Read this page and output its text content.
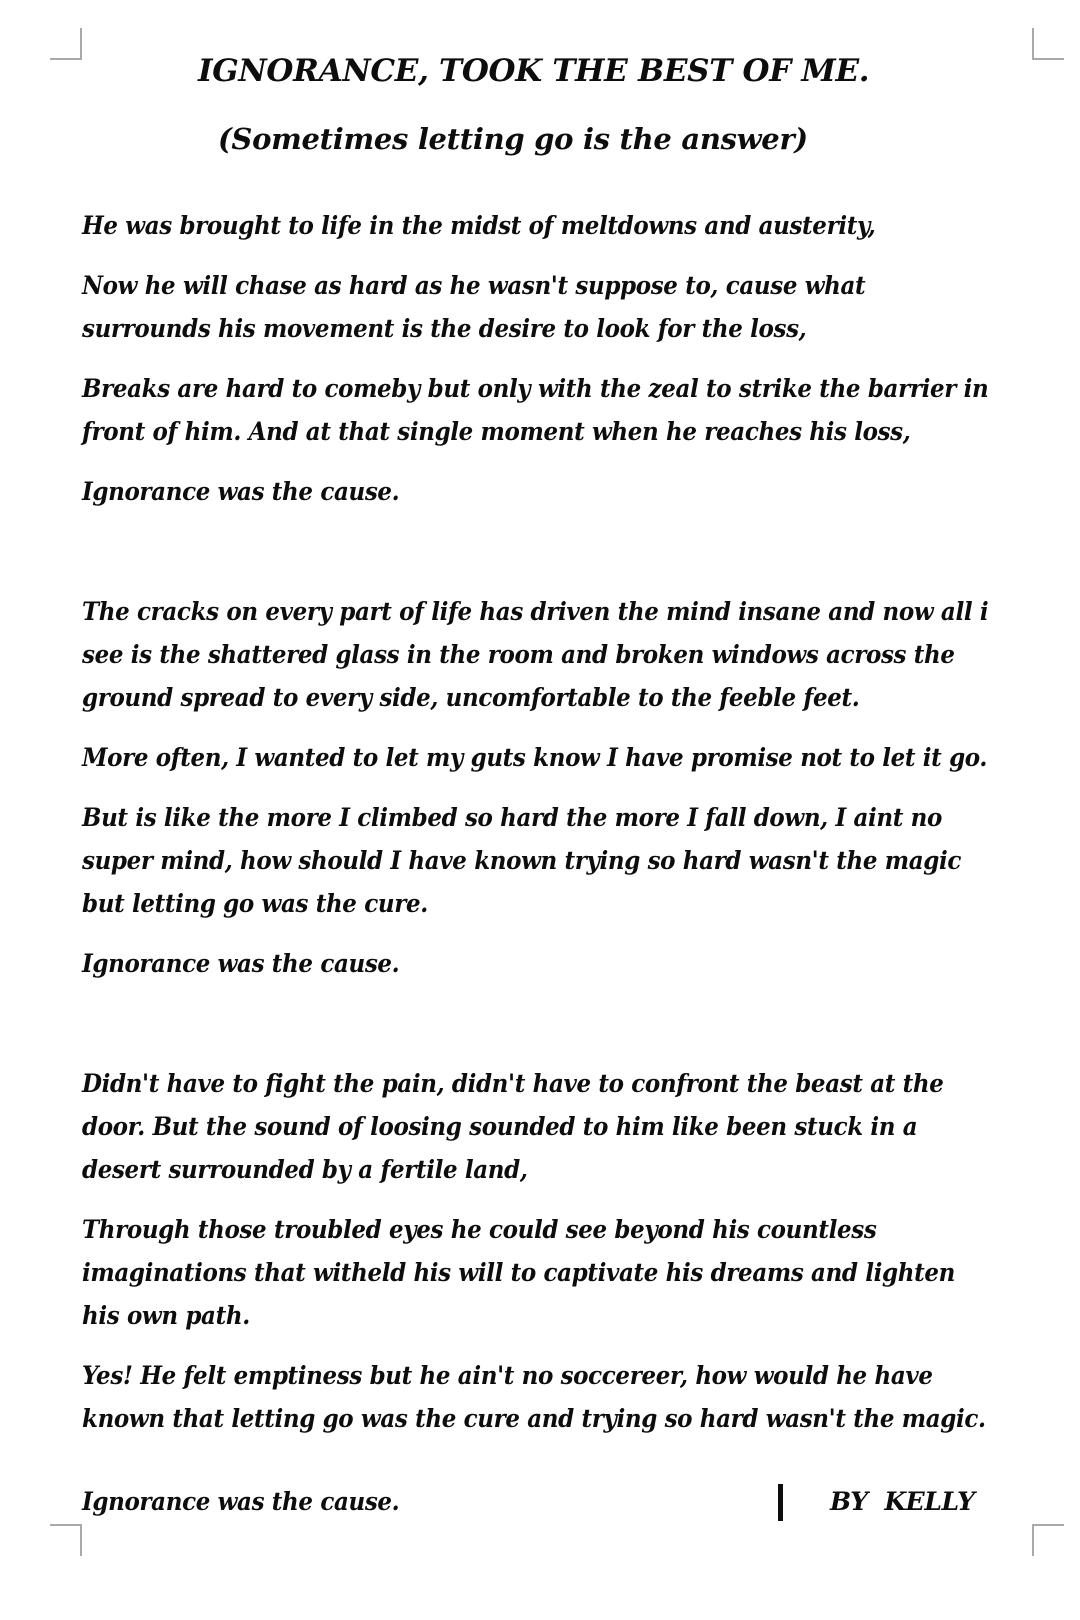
IGNORANCE, TOOK THE BEST OF ME.
(Sometimes letting go is the answer)

He was brought to life in the midst of meltdowns and austerity,

Now he will chase as hard as he wasn't suppose to, cause what surrounds his movement is the desire to look for the loss,

Breaks are hard to comeby but only with the zeal to strike the barrier in front of him. And at that single moment when he reaches his loss,

Ignorance was the cause.

The cracks on every part of life has driven the mind insane and now all i see is the shattered glass in the room and broken windows across the ground spread to every side, uncomfortable to the feeble feet.

More often, I wanted to let my guts know I have promise not to let it go.

But is like the more I climbed so hard the more I fall down, I aint no super mind, how should I have known trying so hard wasn't the magic but letting go was the cure.

Ignorance was the cause.

Didn't have to fight the pain, didn't have to confront the beast at the door. But the sound of loosing sounded to him like been stuck in a desert surrounded by a fertile land,

Through those troubled eyes he could see beyond his countless imaginations that witheld his will to captivate his dreams and lighten his own path.

Yes! He felt emptiness but he ain't no soccereer, how would he have known that letting go was the cure and trying so hard wasn't the magic.

Ignorance was the cause.	BY  KELLY
